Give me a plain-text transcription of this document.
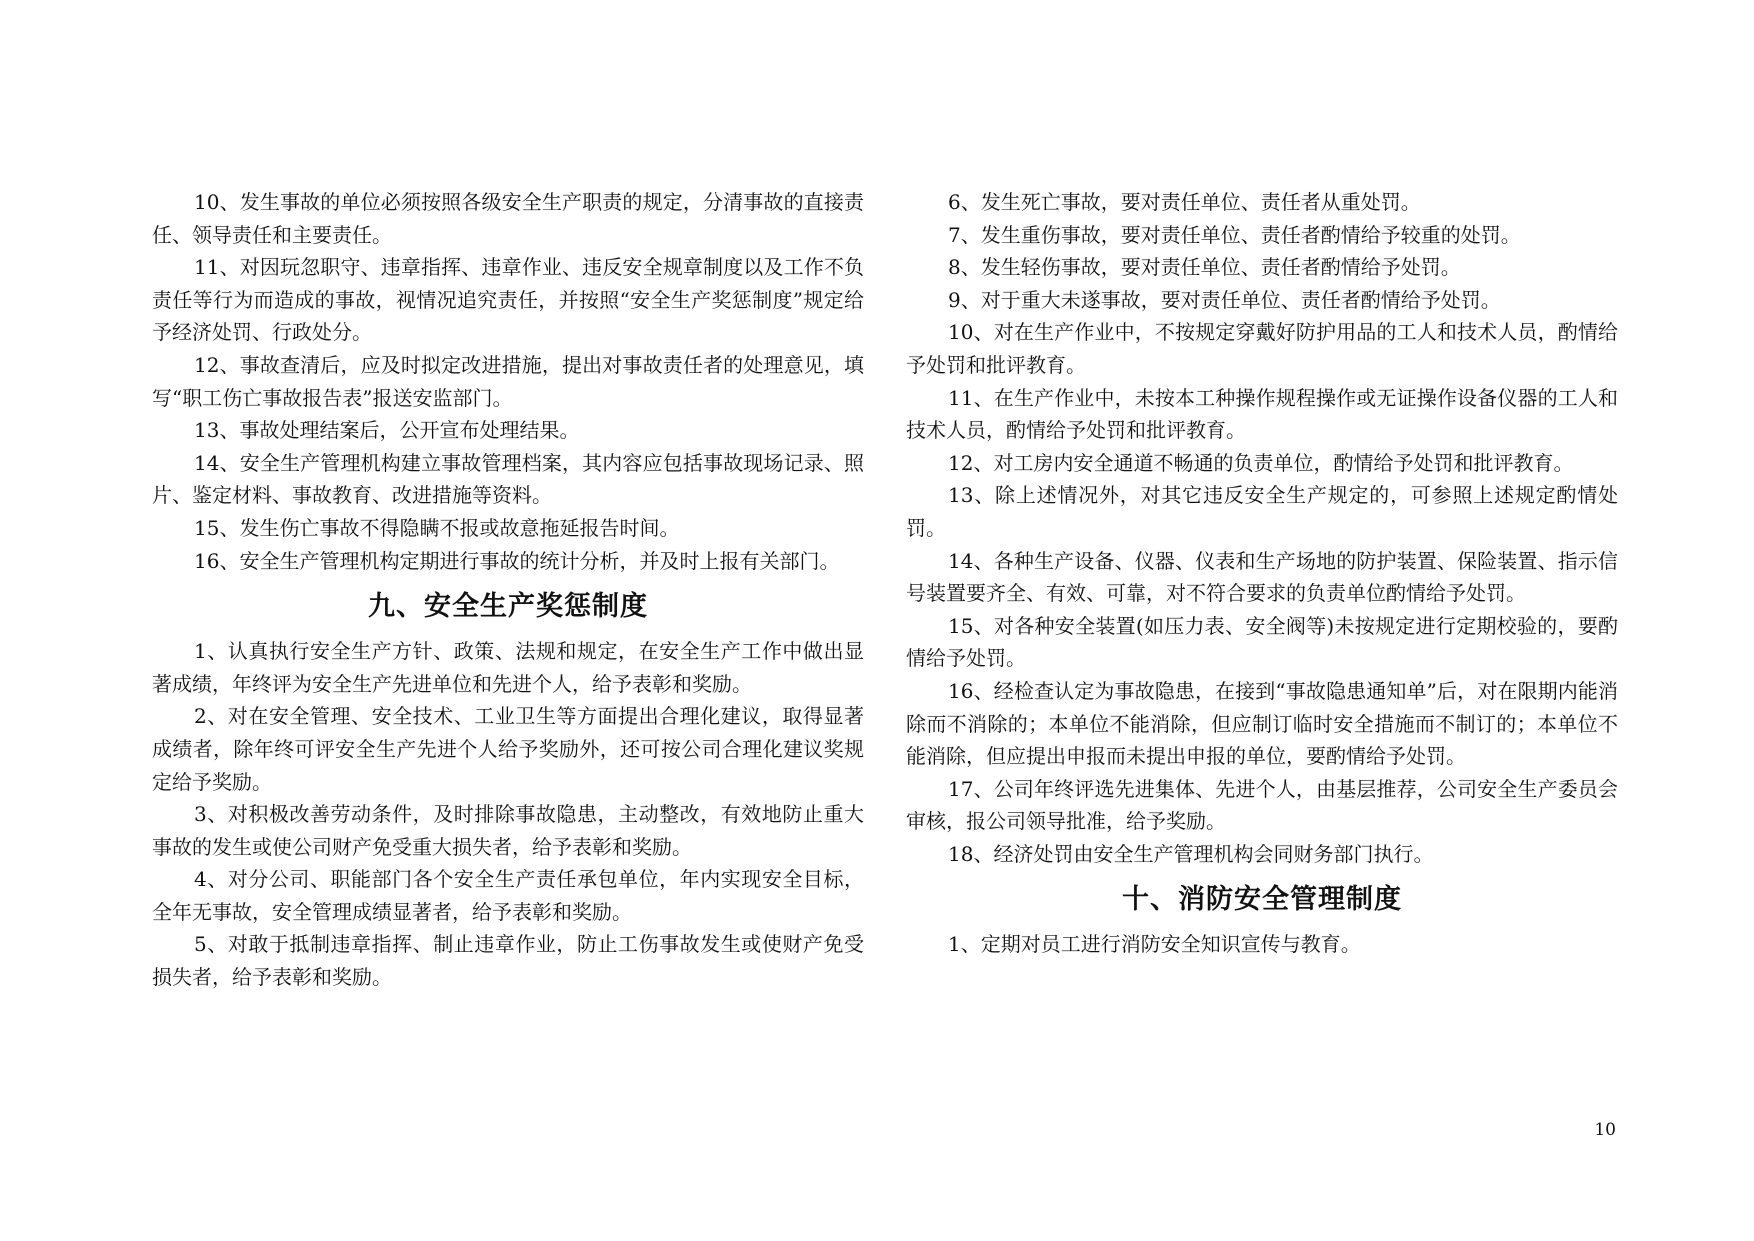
10、发生事故的单位必须按照各级安全生产职责的规定，分清事故的直接责任、领导责任和主要责任。

11、对因玩忽职守、违章指挥、违章作业、违反安全规章制度以及工作不负责任等行为而造成的事故，视情况追究责任，并按照“安全生产奖惩制度”规定给予经济处罚、行政处分。

12、事故查清后，应及时拟定改进措施，提出对事故责任者的处理意见，填写“职工伤亡事故报告表”报送安监部门。

13、事故处理结案后，公开宣布处理结果。

14、安全生产管理机构建立事故管理档案，其内容应包括事故现场记录、照片、鉴定材料、事故教育、改进措施等资料。

15、发生伤亡事故不得隐瞒不报或故意拖延报告时间。

16、安全生产管理机构定期进行事故的统计分析，并及时上报有关部门。

九、安全生产奖惩制度

1、认真执行安全生产方针、政策、法规和规定，在安全生产工作中做出显著成绩，年终评为安全生产先进单位和先进个人，给予表彰和奖励。

2、对在安全管理、安全技术、工业卫生等方面提出合理化建议，取得显著成绩者，除年终可评安全生产先进个人给予奖励外，还可按公司合理化建议奖规定给予奖励。

3、对积极改善劳动条件，及时排除事故隐患，主动整改，有效地防止重大事故的发生或使公司财产免受重大损失者，给予表彰和奖励。

4、对分公司、职能部门各个安全生产责任承包单位，年内实现安全目标，全年无事故，安全管理成绩显著者，给予表彰和奖励。

5、对敢于抵制违章指挥、制止违章作业，防止工伤事故发生或使财产免受损失者，给予表彰和奖励。

6、发生死亡事故，要对责任单位、责任者从重处罚。

7、发生重伤事故，要对责任单位、责任者酌情给予较重的处罚。

8、发生轻伤事故，要对责任单位、责任者酌情给予处罚。

9、对于重大未遂事故，要对责任单位、责任者酌情给予处罚。

10、对在生产作业中，不按规定穿戴好防护用品的工人和技术人员，酌情给予处罚和批评教育。

11、在生产作业中，未按本工种操作规程操作或无证操作设备仪器的工人和技术人员，酌情给予处罚和批评教育。

12、对工房内安全通道不畅通的负责单位，酌情给予处罚和批评教育。

13、除上述情况外，对其它违反安全生产规定的，可参照上述规定酌情处罚。

14、各种生产设备、仪器、仪表和生产场地的防护装置、保险装置、指示信号装置要齐全、有效、可靠，对不符合要求的负责单位酌情给予处罚。

15、对各种安全装置(如压力表、安全阀等)未按规定进行定期校验的，要酌情给予处罚。

16、经检查认定为事故隐患，在接到“事故隐患通知单”后，对在限期内能消除而不消除的；本单位不能消除，但应制订临时安全措施而不制订的；本单位不能消除，但应提出申报而未提出申报的单位，要酌情给予处罚。

17、公司年终评选先进集体、先进个人，由基层推荐，公司安全生产委员会审核，报公司领导批准，给予奖励。

18、经济处罚由安全生产管理机构会同财务部门执行。

十、消防安全管理制度

1、定期对员工进行消防安全知识宣传与教育。

10
